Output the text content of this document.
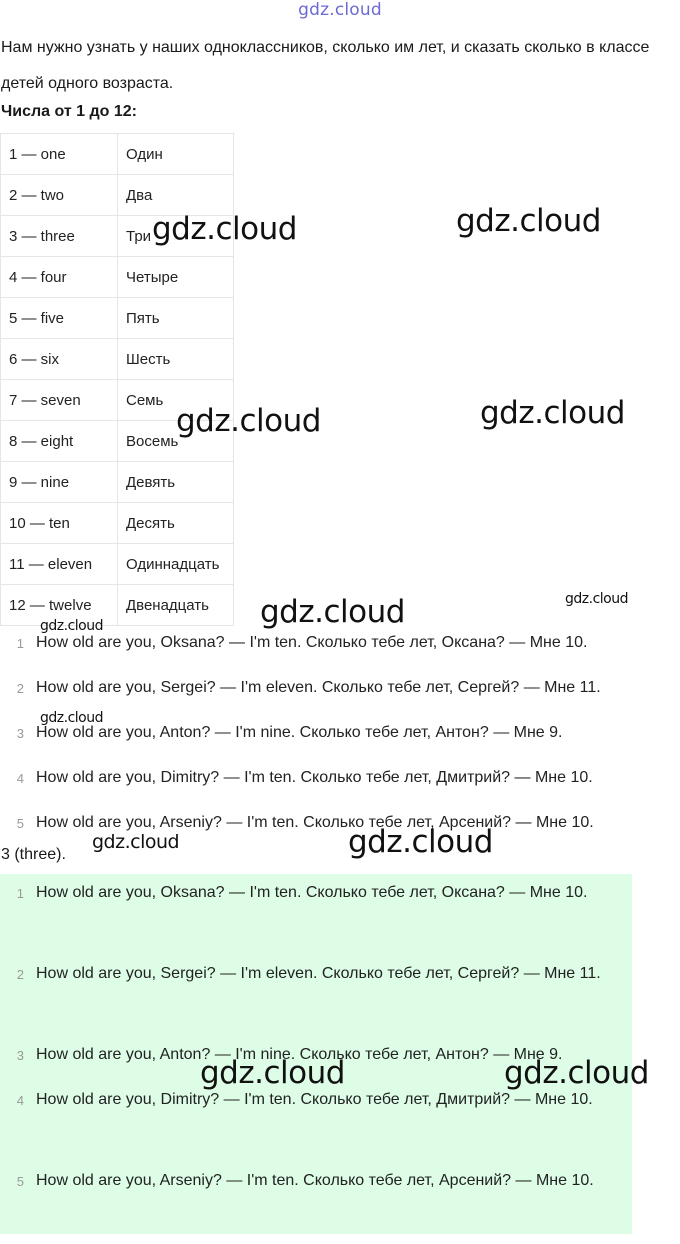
gdz.cloud
Нам нужно узнать у наших одноклассников, сколько им лет, и сказать сколько в классе детей одного возраста.
Числа от 1 до 12:
1 — one	Один
2 — two	Два
3 — three	Три
4 — four	Четыре
5 — five	Пять
6 — six	Шесть
7 — seven	Семь
8 — eight	Восемь
9 — nine	Девять
10 — ten	Десять
11 — eleven	Одиннадцать
12 — twelve	Двенадцать
1 How old are you, Oksana? — I'm ten. Сколько тебе лет, Оксана? — Мне 10.
2 How old are you, Sergei? — I'm eleven. Сколько тебе лет, Сергей? — Мне 11.
3 How old are you, Anton? — I'm nine. Сколько тебе лет, Антон? — Мне 9.
4 How old are you, Dimitry? — I'm ten. Сколько тебе лет, Дмитрий? — Мне 10.
5 How old are you, Arseniy? — I'm ten. Сколько тебе лет, Арсений? — Мне 10.
3 (three).
1 How old are you, Oksana? — I'm ten. Сколько тебе лет, Оксана? — Мне 10.
2 How old are you, Sergei? — I'm eleven. Сколько тебе лет, Сергей? — Мне 11.
3 How old are you, Anton? — I'm nine. Сколько тебе лет, Антон? — Мне 9.
4 How old are you, Dimitry? — I'm ten. Сколько тебе лет, Дмитрий? — Мне 10.
5 How old are you, Arseniy? — I'm ten. Сколько тебе лет, Арсений? — Мне 10.
gdz.cloud	gdz.cloud
gdz.cloud	gdz.cloud
gdz.cloud	gdz.cloud
gdz.cloud
gdz.cloud
gdz.cloud	gdz.cloud
gdz.cloud	gdz.cloud
